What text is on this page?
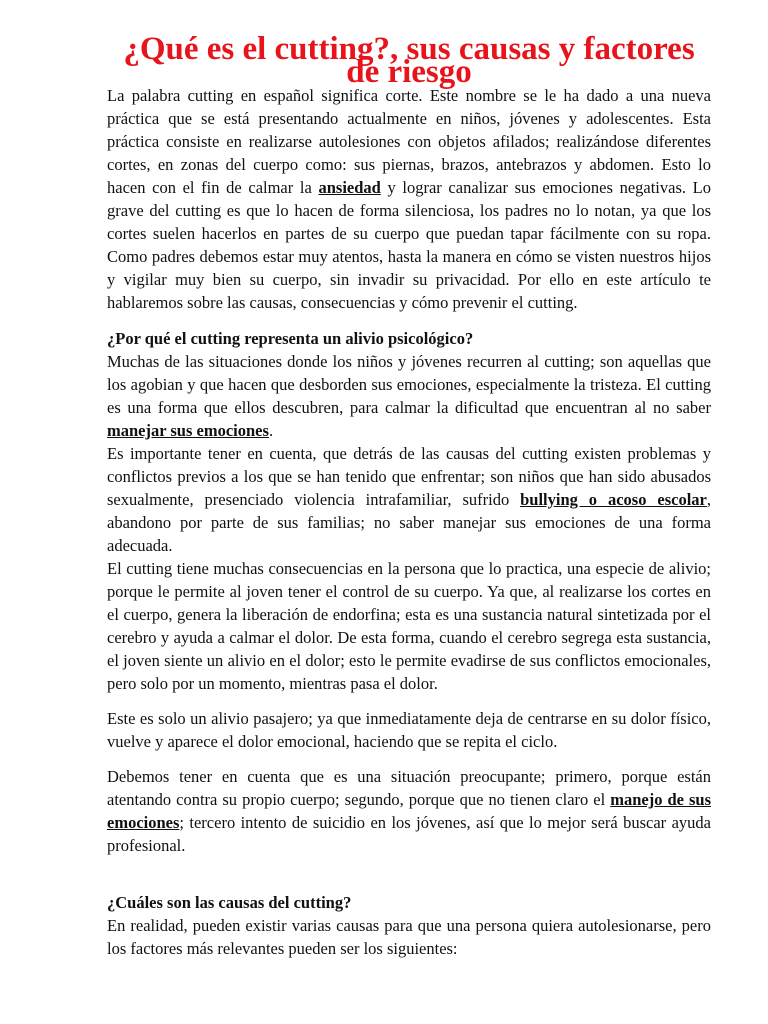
¿Qué es el cutting?, sus causas y factores de riesgo

La palabra cutting en español significa corte. Este nombre se le ha dado a una nueva práctica que se está presentando actualmente en niños, jóvenes y adolescentes. Esta práctica consiste en realizarse autolesiones con objetos afilados; realizándose diferentes cortes, en zonas del cuerpo como: sus piernas, brazos, antebrazos y abdomen. Esto lo hacen con el fin de calmar la ansiedad y lograr canalizar sus emociones negativas. Lo grave del cutting es que lo hacen de forma silenciosa, los padres no lo notan, ya que los cortes suelen hacerlos en partes de su cuerpo que puedan tapar fácilmente con su ropa. Como padres debemos estar muy atentos, hasta la manera en cómo se visten nuestros hijos y vigilar muy bien su cuerpo, sin invadir su privacidad. Por ello en este artículo te hablaremos sobre las causas, consecuencias y cómo prevenir el cutting.

¿Por qué el cutting representa un alivio psicológico?

Muchas de las situaciones donde los niños y jóvenes recurren al cutting; son aquellas que los agobian y que hacen que desborden sus emociones, especialmente la tristeza. El cutting es una forma que ellos descubren, para calmar la dificultad que encuentran al no saber manejar sus emociones.

Es importante tener en cuenta, que detrás de las causas del cutting existen problemas y conflictos previos a los que se han tenido que enfrentar; son niños que han sido abusados sexualmente, presenciado violencia intrafamiliar, sufrido bullying o acoso escolar, abandono por parte de sus familias; no saber manejar sus emociones de una forma adecuada.

El cutting tiene muchas consecuencias en la persona que lo practica, una especie de alivio; porque le permite al joven tener el control de su cuerpo. Ya que, al realizarse los cortes en el cuerpo, genera la liberación de endorfina; esta es una sustancia natural sintetizada por el cerebro y ayuda a calmar el dolor. De esta forma, cuando el cerebro segrega esta sustancia, el joven siente un alivio en el dolor; esto le permite evadirse de sus conflictos emocionales, pero solo por un momento, mientras pasa el dolor.

Este es solo un alivio pasajero; ya que inmediatamente deja de centrarse en su dolor físico, vuelve y aparece el dolor emocional, haciendo que se repita el ciclo.

Debemos tener en cuenta que es una situación preocupante; primero, porque están atentando contra su propio cuerpo; segundo, porque que no tienen claro el manejo de sus emociones; tercero intento de suicidio en los jóvenes, así que lo mejor será buscar ayuda profesional.

¿Cuáles son las causas del cutting?

En realidad, pueden existir varias causas para que una persona quiera autolesionarse, pero los factores más relevantes pueden ser los siguientes:
